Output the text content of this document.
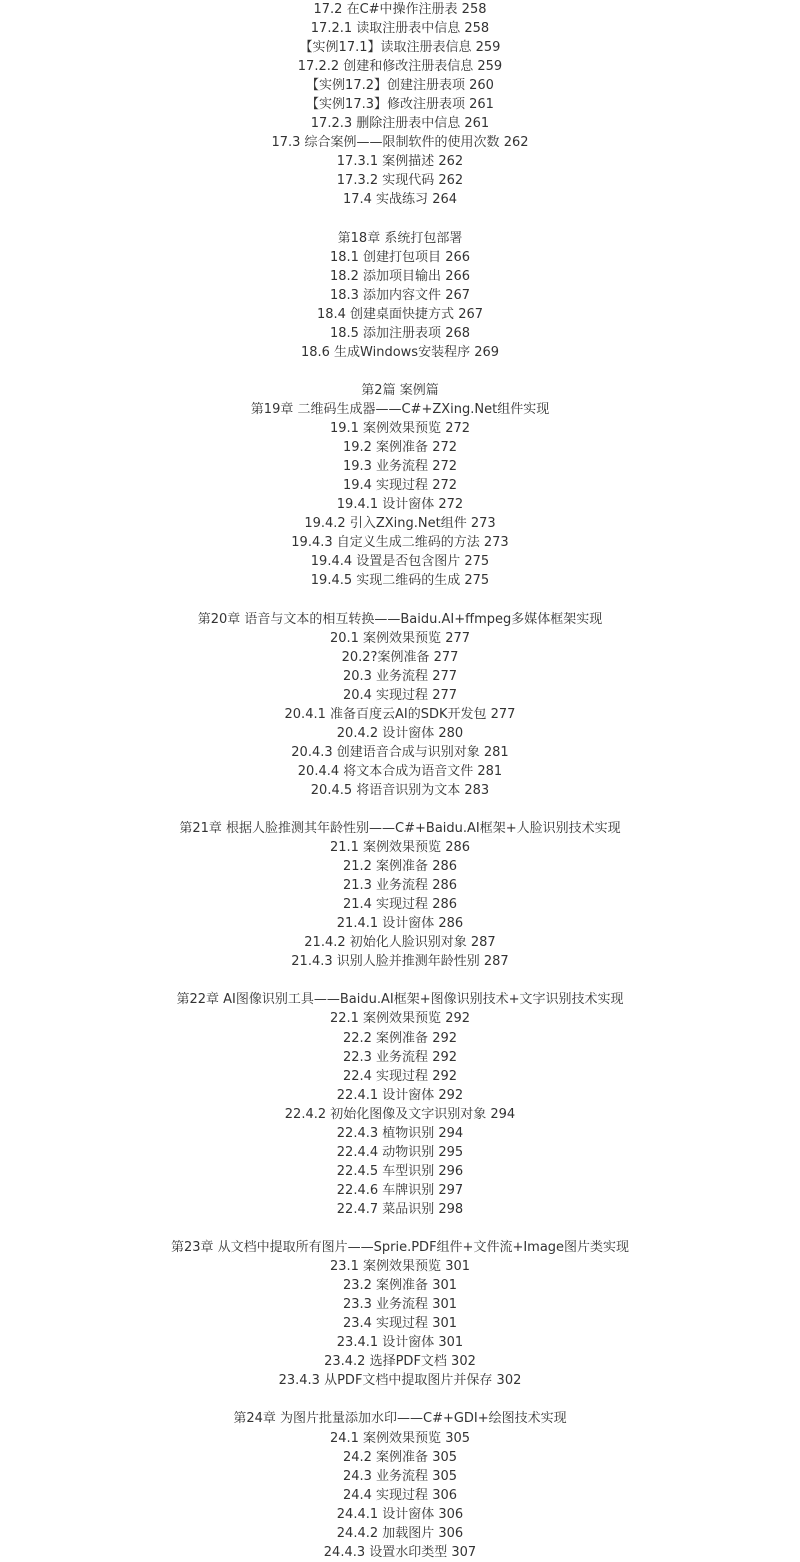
17.2 在C#中操作注册表 258
17.2.1 读取注册表中信息 258
【实例17.1】读取注册表信息 259
17.2.2 创建和修改注册表信息 259
【实例17.2】创建注册表项 260
【实例17.3】修改注册表项 261
17.2.3 删除注册表中信息 261
17.3 综合案例——限制软件的使用次数 262
17.3.1 案例描述 262
17.3.2 实现代码 262
17.4 实战练习 264
第18章 系统打包部署
18.1 创建打包项目 266
18.2 添加项目输出 266
18.3 添加内容文件 267
18.4 创建桌面快捷方式 267
18.5 添加注册表项 268
18.6 生成Windows安装程序 269
第2篇 案例篇
第19章 二维码生成器——C#+ZXing.Net组件实现
19.1 案例效果预览 272
19.2 案例准备 272
19.3 业务流程 272
19.4 实现过程 272
19.4.1 设计窗体 272
19.4.2 引入ZXing.Net组件 273
19.4.3 自定义生成二维码的方法 273
19.4.4 设置是否包含图片 275
19.4.5 实现二维码的生成 275
第20章 语音与文本的相互转换——Baidu.AI+ffmpeg多媒体框架实现
20.1 案例效果预览 277
20.2?案例准备 277
20.3 业务流程 277
20.4 实现过程 277
20.4.1 准备百度云AI的SDK开发包 277
20.4.2 设计窗体 280
20.4.3 创建语音合成与识别对象 281
20.4.4 将文本合成为语音文件 281
20.4.5 将语音识别为文本 283
第21章 根据人脸推测其年龄性别——C#+Baidu.AI框架+人脸识别技术实现
21.1 案例效果预览 286
21.2 案例准备 286
21.3 业务流程 286
21.4 实现过程 286
21.4.1 设计窗体 286
21.4.2 初始化人脸识别对象 287
21.4.3 识别人脸并推测年龄性别 287
第22章 AI图像识别工具——Baidu.AI框架+图像识别技术+文字识别技术实现
22.1 案例效果预览 292
22.2 案例准备 292
22.3 业务流程 292
22.4 实现过程 292
22.4.1 设计窗体 292
22.4.2 初始化图像及文字识别对象 294
22.4.3 植物识别 294
22.4.4 动物识别 295
22.4.5 车型识别 296
22.4.6 车牌识别 297
22.4.7 菜品识别 298
第23章 从文档中提取所有图片——Sprie.PDF组件+文件流+Image图片类实现
23.1 案例效果预览 301
23.2 案例准备 301
23.3 业务流程 301
23.4 实现过程 301
23.4.1 设计窗体 301
23.4.2 选择PDF文档 302
23.4.3 从PDF文档中提取图片并保存 302
第24章 为图片批量添加水印——C#+GDI+绘图技术实现
24.1 案例效果预览 305
24.2 案例准备 305
24.3 业务流程 305
24.4 实现过程 306
24.4.1 设计窗体 306
24.4.2 加载图片 306
24.4.3 设置水印类型 307
